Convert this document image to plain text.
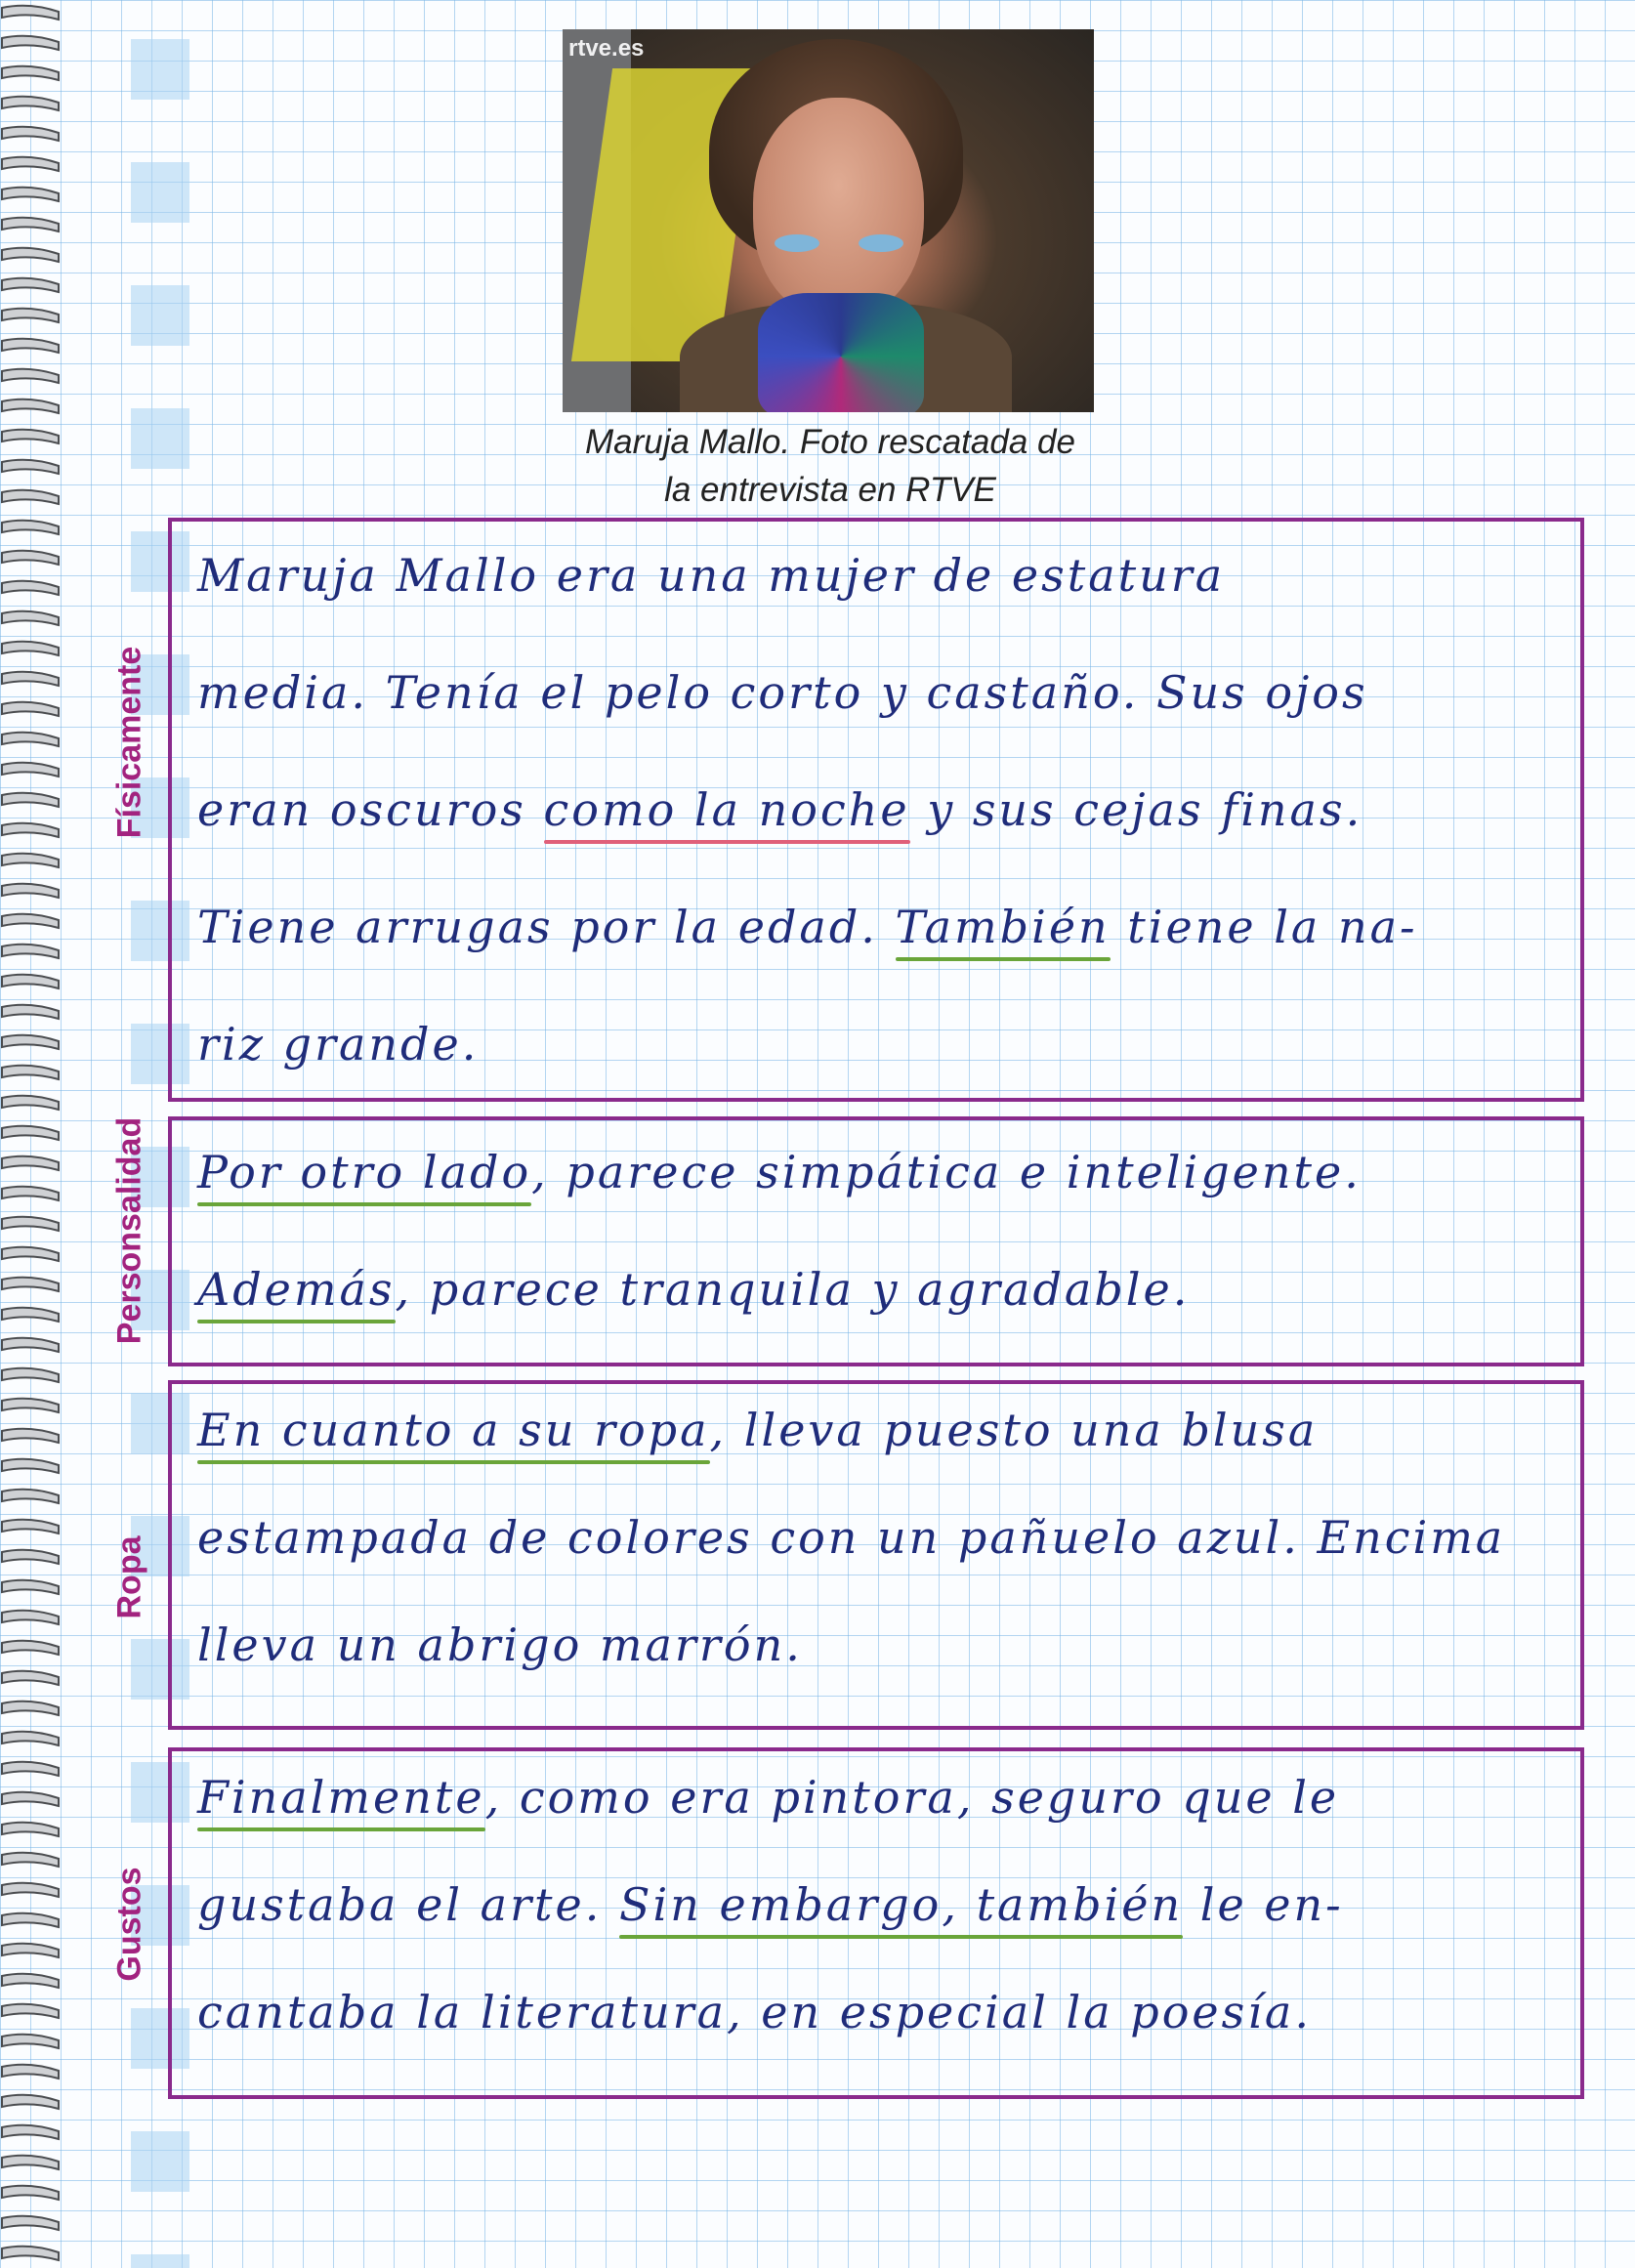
rtve.es
Maruja Mallo. Foto rescatada de
la entrevista en RTVE
Físicamente
Maruja Mallo era una mujer de estatura
media. Tenía el pelo corto y castaño. Sus ojos
eran oscuros como la noche y sus cejas finas.
Tiene arrugas por la edad. También tiene la na-
riz grande.
Personsalidad Por otro lado, parece simpática e inteligente.
Además, parece tranquila y agradable.
Ropa
En cuanto a su ropa, lleva puesto una blusa
estampada de colores con un pañuelo azul. Encima
lleva un abrigo marrón.
Gustos
Finalmente, como era pintora, seguro que le
gustaba el arte. Sin embargo, también le en-
cantaba la literatura, en especial la poesía.
